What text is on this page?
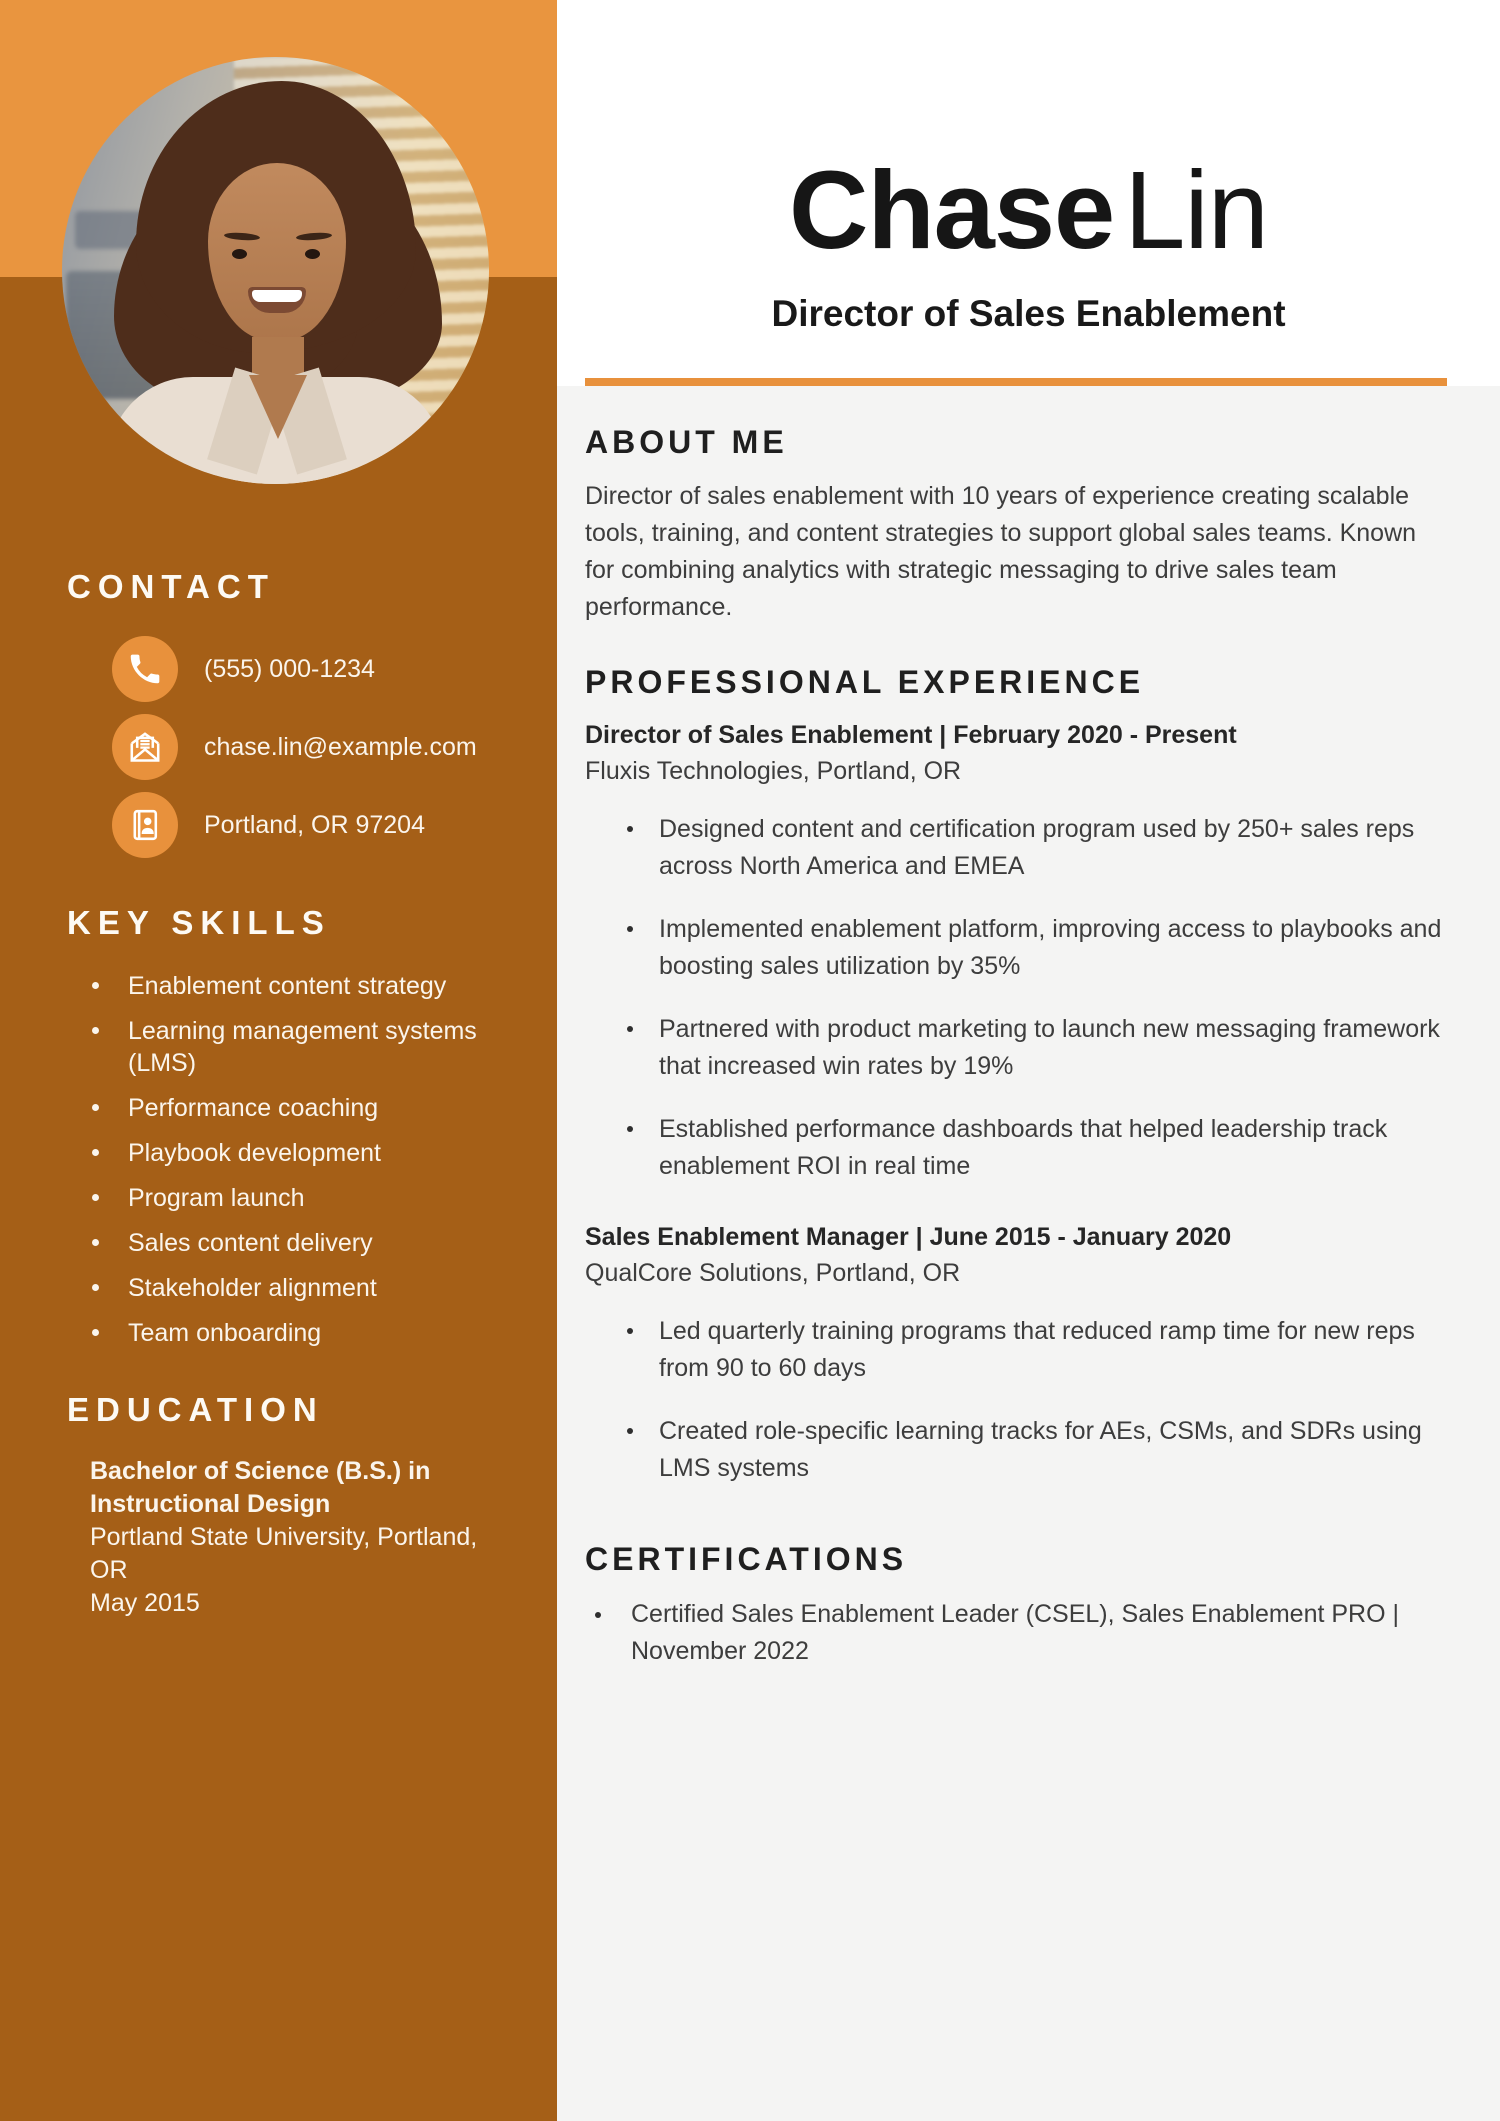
CONTACT
(555) 000-1234
chase.lin@example.com
Portland, OR 97204
KEY SKILLS
Enablement content strategy
Learning management systems (LMS)
Performance coaching
Playbook development
Program launch
Sales content delivery
Stakeholder alignment
Team onboarding
EDUCATION

Bachelor of Science (B.S.) in Instructional Design

Portland State University, Portland, OR

May 2015

ChaseLin

Director of Sales Enablement

ABOUT ME

Director of sales enablement with 10 years of experience creating scalable tools, training, and content strategies to support global sales teams. Known for combining analytics with strategic messaging to drive sales team performance.

PROFESSIONAL EXPERIENCE

Director of Sales Enablement | February 2020 - Present

Fluxis Technologies, Portland, OR

Designed content and certification program used by 250+ sales reps across North America and EMEA
Implemented enablement platform, improving access to playbooks and boosting sales utilization by 35%
Partnered with product marketing to launch new messaging framework that increased win rates by 19%
Established performance dashboards that helped leadership track enablement ROI in real time

Sales Enablement Manager | June 2015 - January 2020

QualCore Solutions, Portland, OR

Led quarterly training programs that reduced ramp time for new reps from 90 to 60 days
Created role-specific learning tracks for AEs, CSMs, and SDRs using LMS systems
CERTIFICATIONS
Certified Sales Enablement Leader (CSEL), Sales Enablement PRO | November 2022
